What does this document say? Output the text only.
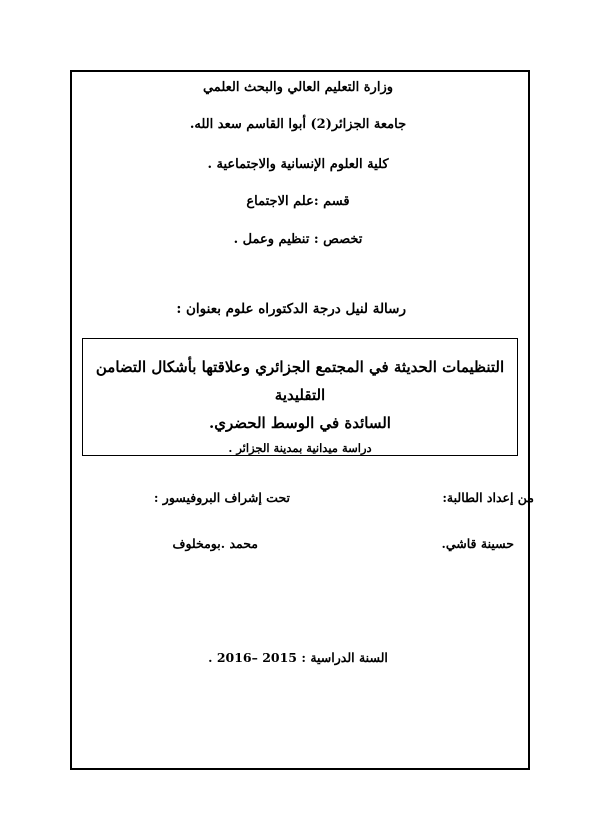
وزارة التعليم العالي والبحث العلمي
جامعة الجزائر(2) أبوا القاسم سعد الله.
كلية العلوم الإنسانية والاجتماعية .
قسم :علم الاجتماع
تخصص : تنظيم وعمل .
رسالة لنيل درجة الدكتوراه علوم بعنوان :
التنظيمات الحديثة في المجتمع الجزائري وعلاقتها بأشكال التضامن التقليدية
السائدة في الوسط الحضري.
دراسة ميدانية بمدينة الجزائر .
من إعداد الطالبة:
تحت إشراف البروفيسور :
حسينة قاشي.
محمد .بومخلوف
السنة الدراسية : 2015 –2016 .
